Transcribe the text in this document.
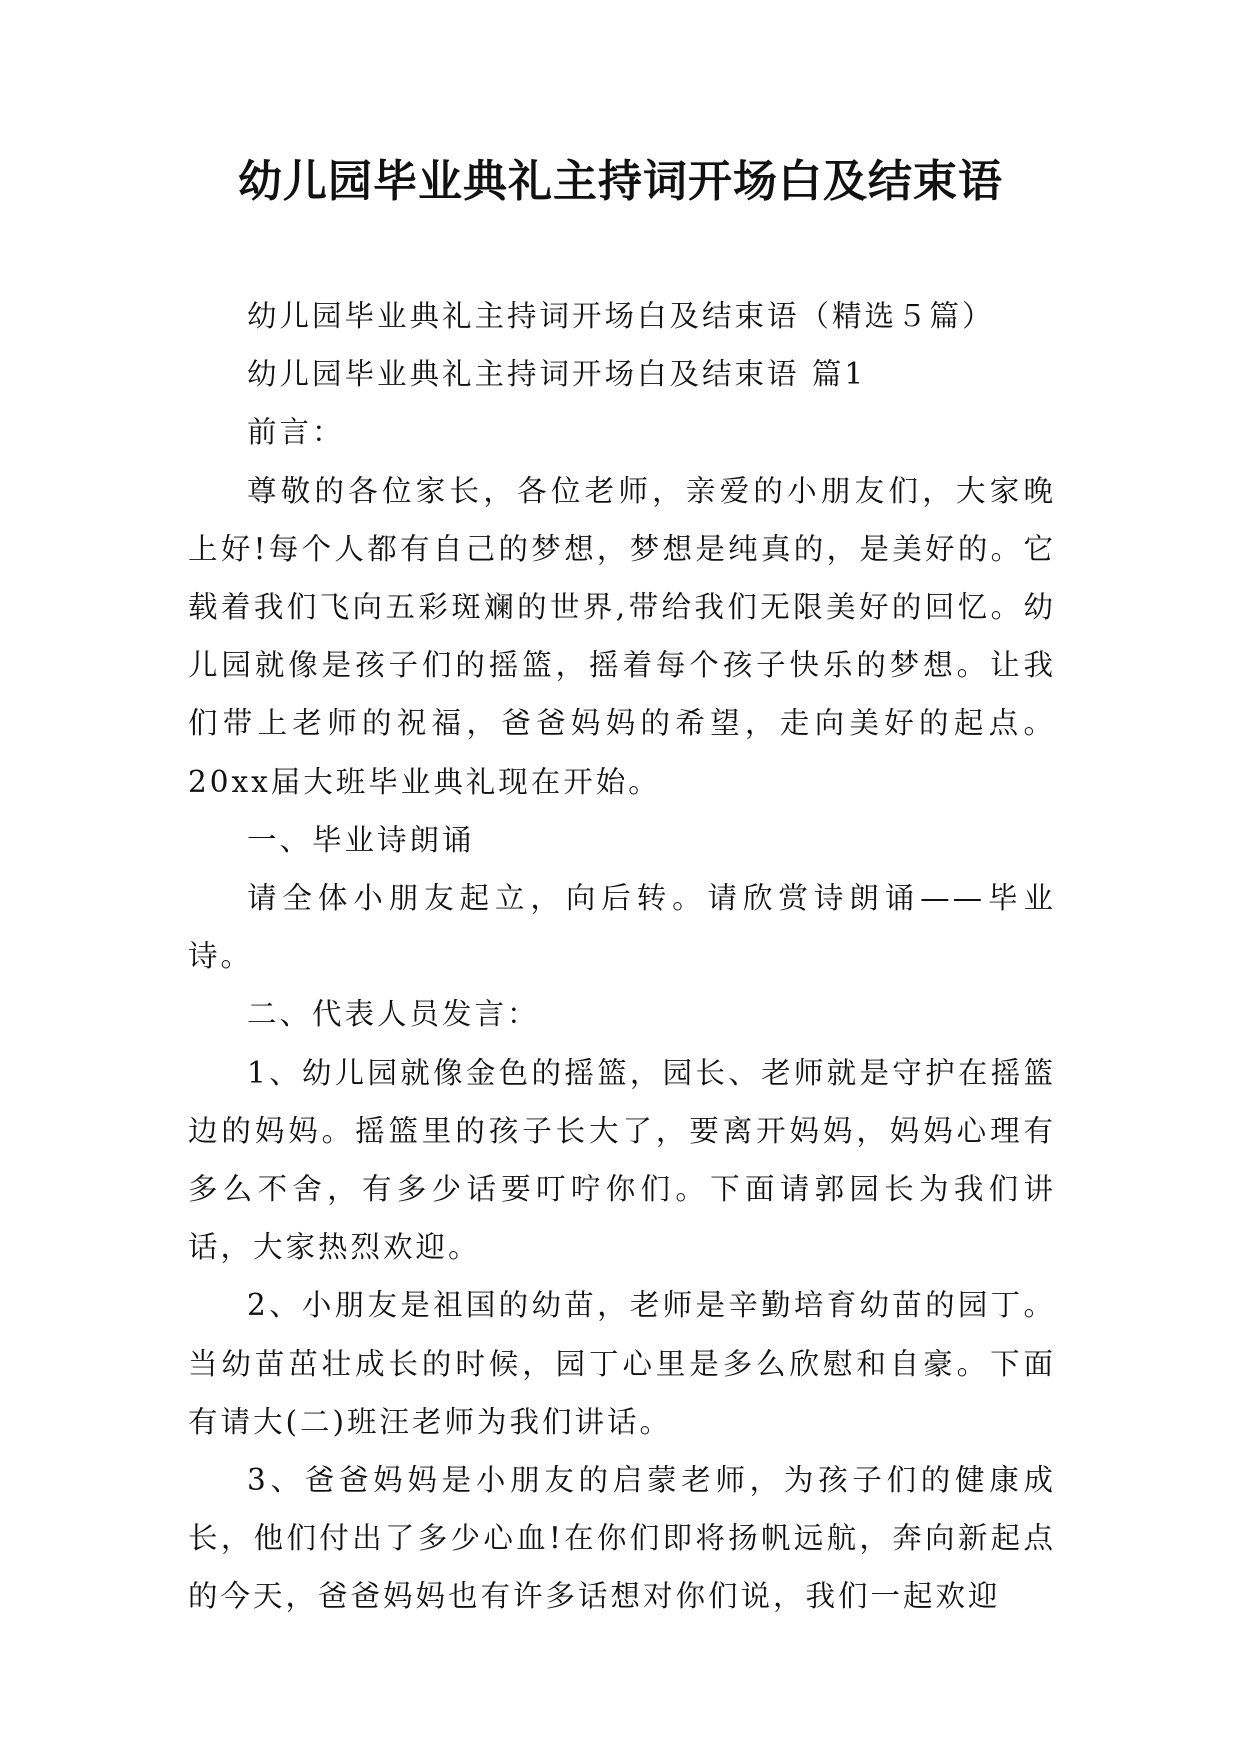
幼儿园毕业典礼主持词开场白及结束语

幼儿园毕业典礼主持词开场白及结束语（精选５篇）

幼儿园毕业典礼主持词开场白及结束语 篇1

前言：

尊敬的各位家长，各位老师，亲爱的小朋友们，大家晚上好!每个人都有自己的梦想，梦想是纯真的，是美好的。它载着我们飞向五彩斑斓的世界,带给我们无限美好的回忆。幼儿园就像是孩子们的摇篮，摇着每个孩子快乐的梦想。让我们带上老师的祝福，爸爸妈妈的希望，走向美好的起点。20xx届大班毕业典礼现在开始。

一、毕业诗朗诵

请全体小朋友起立，向后转。请欣赏诗朗诵——毕业诗。

二、代表人员发言：

1、幼儿园就像金色的摇篮，园长、老师就是守护在摇篮边的妈妈。摇篮里的孩子长大了，要离开妈妈，妈妈心理有多么不舍，有多少话要叮咛你们。下面请郭园长为我们讲话，大家热烈欢迎。

2、小朋友是祖国的幼苗，老师是辛勤培育幼苗的园丁。当幼苗茁壮成长的时候，园丁心里是多么欣慰和自豪。下面有请大(二)班汪老师为我们讲话。

3、爸爸妈妈是小朋友的启蒙老师，为孩子们的健康成长，他们付出了多少心血!在你们即将扬帆远航，奔向新起点的今天，爸爸妈妈也有许多话想对你们说，我们一起欢迎
